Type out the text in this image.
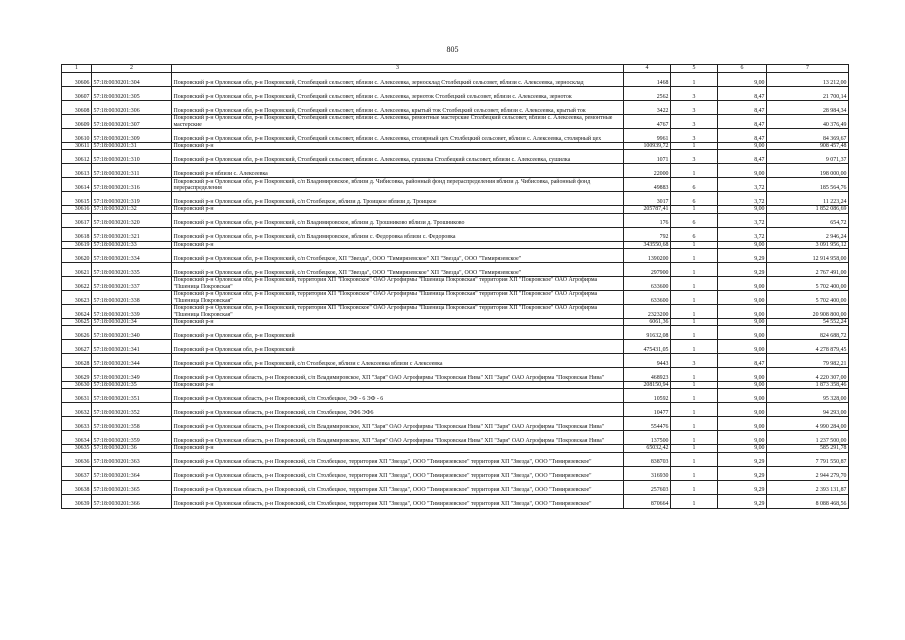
805
1	2	3	4	5	6	7
30606	57:18:0030201:304	Покровский р-н Орловская обл, р-н Покровский, Столбецкий сельсовет, вблизи с. Алексеевка, зерносклад Столбецкий сельсовет, вблизи с. Алексеевка, зерносклад	1468	1	9,00	13 212,00
30607	57:18:0030201:305	Покровский р-н Орловская обл, р-н Покровский, Столбецкий сельсовет, вблизи с. Алексеевка, зерноток Столбецкий сельсовет, вблизи с. Алексеевка, зерноток	2562	3	8,47	21 700,14
30608	57:18:0030201:306	Покровский р-н Орловская обл, р-н Покровский, Столбецкий сельсовет, вблизи с. Алексеевка, крытый ток Столбецкий сельсовет, вблизи с. Алексеевка, крытый ток	3422	3	8,47	28 984,34
30609	57:18:0030201:307	Покровский р-н Орловская обл, р-н Покровский, Столбецкий сельсовет, вблизи с. Алексеевка, ремонтные мастерские Столбецкий сельсовет, вблизи с. Алексеевка, ремонтные мастерские	4767	3	8,47	40 376,49
30610	57:18:0030201:309	Покровский р-н Орловская обл, р-н Покровский, Столбецкий сельсовет, вблизи с. Алексеевка, столярный цех Столбецкий сельсовет, вблизи с. Алексеевка, столярный цех	9961	3	8,47	84 369,67
30611	57:18:0030201:31	Покровский р-н	100939,72	1	9,00	908 457,48
30612	57:18:0030201:310	Покровский р-н Орловская обл, р-н Покровский, Столбецкий сельсовет, вблизи с. Алексеевка, сушилка Столбецкий сельсовет, вблизи с. Алексеевка, сушилка	1071	3	8,47	9 071,37
30613	57:18:0030201:311	Покровский р-н вблизи с. Алексеевка	22000	1	9,00	198 000,00
30614	57:18:0030201:316	Покровский р-н Орловская обл, р-н Покровский, с/п Владимировское, вблизи д. Чибисовка, районный фонд перераспределения вблизи д. Чибисовка, районный фонд перераспределения	49883	6	3,72	185 564,76
30615	57:18:0030201:319	Покровский р-н Орловская обл, р-н Покровский, с/п Столбецкое, вблизи д. Троицкое вблизи д. Троицкое	3017	6	3,72	11 223,24
30616	57:18:0030201:32	Покровский р-н	205787,41	1	9,00	1 852 086,69
30617	57:18:0030201:320	Покровский р-н Орловская обл, р-н Покровский, с/п Владимировское, вблизи д. Трошниково вблизи д. Трошниково	176	6	3,72	654,72
30618	57:18:0030201:321	Покровский р-н Орловская обл, р-н Покровский, с/п Владимировское, вблизи с. Федоровка вблизи с. Федоровка	792	6	3,72	2 946,24
30619	57:18:0030201:33	Покровский р-н	343550,68	1	9,00	3 091 956,12
30620	57:18:0030201:334	Покровский р-н Орловская обл, р-н Покровский, с/п Столбецкое, ХП "Звезда", ООО "Тимирязевское" ХП "Звезда", ООО "Тимирязевское"	1390200	1	9,29	12 914 958,00
30621	57:18:0030201:335	Покровский р-н Орловская обл, р-н Покровский, с/п Столбецкое, ХП "Звезда", ООО "Тимирязевское" ХП "Звезда", ООО "Тимирязевское"	297900	1	9,29	2 767 491,00
30622	57:18:0030201:337	Покровский р-н Орловская обл, р-н Покровский, территория ХП "Покровское" ОАО Агрофирмы "Пшеница Покровская" территория ХП "Покровское" ОАО Агрофирма "Пшеница Покровская"	633600	1	9,00	5 702 400,00
30623	57:18:0030201:338	Покровский р-н Орловская обл, р-н Покровский, территория ХП "Покровское" ОАО Агрофирмы "Пшеница Покровская" территория ХП "Покровское" ОАО Агрофирма "Пшеница Покровская"	633600	1	9,00	5 702 400,00
30624	57:18:0030201:339	Покровский р-н Орловская обл, р-н Покровский, территория ХП "Покровское" ОАО Агрофирмы "Пшеница Покровская" территория ХП "Покровское" ОАО Агрофирма "Пшеница Покровская"	2323200	1	9,00	20 908 800,00
30625	57:18:0030201:34	Покровский р-н	6061,36	1	9,00	54 552,24
30626	57:18:0030201:340	Покровский р-н Орловская обл, р-н Покровский	91632,08	1	9,00	824 688,72
30627	57:18:0030201:341	Покровский р-н Орловская обл, р-н Покровский	475431,05	1	9,00	4 278 879,45
30628	57:18:0030201:344	Покровский р-н Орловская обл, р-н Покровский, с/п Столбецкое, вблизи с Алексеевка вблизи с Алексеевка	9443	3	8,47	79 982,21
30629	57:18:0030201:349	Покровский р-н Орловская область, р-н Покровский, с/п Владимировское, ХП "Заря" ОАО Агрофирмы "Покровская Нива" ХП "Заря" ОАО Агрофирма "Покровская Нива"	468923	1	9,00	4 220 307,00
30630	57:18:0030201:35	Покровский р-н	208150,94	1	9,00	1 873 358,46
30631	57:18:0030201:351	Покровский р-н Орловская область, р-н Покровский, с/п Столбецкое, ЭФ - 6 ЭФ - 6	10592	1	9,00	95 328,00
30632	57:18:0030201:352	Покровский р-н Орловская область, р-н Покровский, с/п Столбецкое, ЭФ6 ЭФ6	10477	1	9,00	94 293,00
30633	57:18:0030201:358	Покровский р-н Орловская область, р-н Покровский, с/п Владимировское, ХП "Заря" ОАО Агрофирмы "Покровская Нива" ХП "Заря" ОАО Агрофирма "Покровская Нива"	554476	1	9,00	4 990 284,00
30634	57:18:0030201:359	Покровский р-н Орловская область, р-н Покровский, с/п Владимировское, ХП "Заря" ОАО Агрофирмы "Покровская Нива" ХП "Заря" ОАО Агрофирма "Покровская Нива"	137500	1	9,00	1 237 500,00
30635	57:18:0030201:36	Покровский р-н	65032,42	1	9,00	585 291,78
30636	57:18:0030201:363	Покровский р-н Орловская область, р-н Покровский, с/п Столбецкое, территория ХП "Звезда", ООО "Тимирязевское" территория ХП "Звезда", ООО "Тимирязевское"	838703	1	9,29	7 791 550,87
30637	57:18:0030201:364	Покровский р-н Орловская область, р-н Покровский, с/п Столбецкое, территория ХП "Звезда", ООО "Тимирязевское" территория ХП "Звезда", ООО "Тимирязевское"	316930	1	9,29	2 944 279,70
30638	57:18:0030201:365	Покровский р-н Орловская область, р-н Покровский, с/п Столбецкое, территория ХП "Звезда", ООО "Тимирязевское" территория ХП "Звезда", ООО "Тимирязевское"	257603	1	9,29	2 393 131,87
30639	57:18:0030201:366	Покровский р-н Орловская область, р-н Покровский, с/п Столбецкое, территория ХП "Звезда", ООО "Тимирязевское" территория ХП "Звезда", ООО "Тимирязевское"	870664	1	9,29	8 088 468,56
